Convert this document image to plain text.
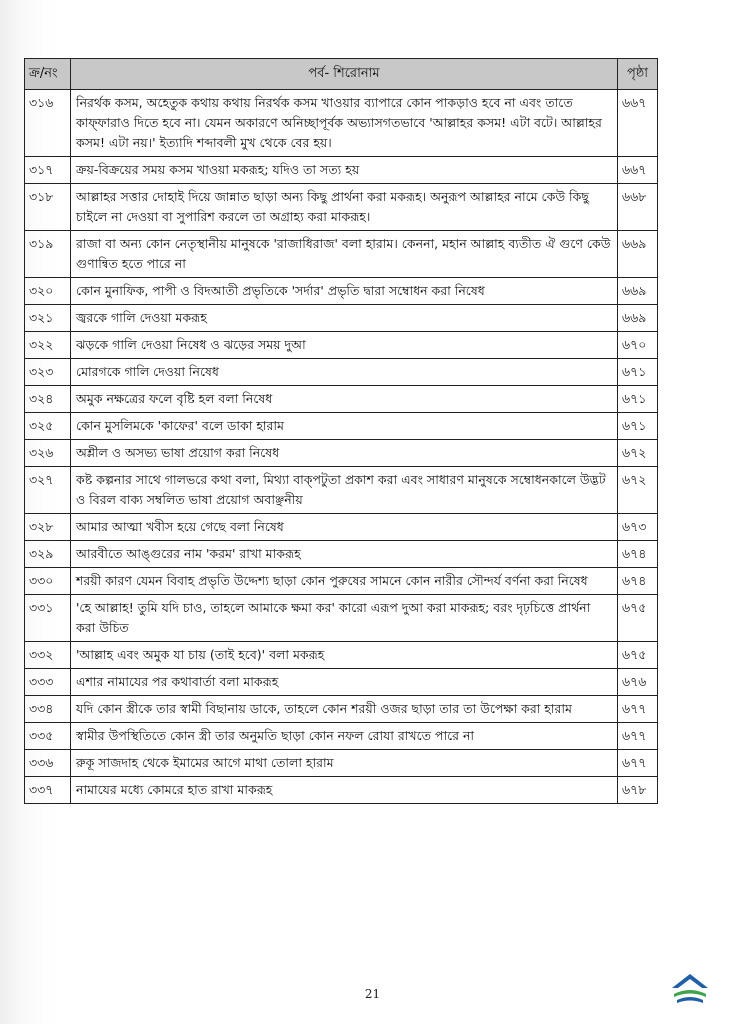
ক্র/নং	পর্ব- শিরোনাম	পৃষ্ঠা
৩১৬	নিরর্থক কসম, অহেতুক কথায় কথায় নিরর্থক কসম খাওয়ার ব্যাপারে কোন পাকড়াও হবে না এবং তাতে কাফ্‌ফারাও দিতে হবে না। যেমন অকারণে অনিচ্ছাপূর্বক অভ্যাসগতভাবে 'আল্লাহর কসম! এটা বটে। আল্লাহর কসম! এটা নয়।' ইত্যাদি শব্দাবলী মুখ থেকে বের হয়।	৬৬৭
৩১৭	ক্রয়-বিক্রয়ের সময় কসম খাওয়া মকরূহ; যদিও তা সত্য হয়	৬৬৭
৩১৮	আল্লাহর সত্তার দোহাই দিয়ে জান্নাত ছাড়া অন্য কিছু প্রার্থনা করা মকরূহ। অনুরূপ আল্লাহর নামে কেউ কিছু চাইলে না দেওয়া বা সুপারিশ করলে তা অগ্রাহ্য করা মাকরূহ।	৬৬৮
৩১৯	রাজা বা অন্য কোন নেতৃস্থানীয় মানুষকে 'রাজাধিরাজ' বলা হারাম। কেননা, মহান আল্লাহ ব্যতীত ঐ গুণে কেউ গুণান্বিত হতে পারে না	৬৬৯
৩২০	কোন মুনাফিক, পাপী ও বিদআতী প্রভৃতিকে 'সর্দার' প্রভৃতি দ্বারা সম্বোধন করা নিষেধ	৬৬৯
৩২১	জ্বরকে গালি দেওয়া মকরূহ	৬৬৯
৩২২	ঝড়কে গালি দেওয়া নিষেধ ও ঝড়ের সময় দুআ	৬৭০
৩২৩	মোরগকে গালি দেওয়া নিষেধ	৬৭১
৩২৪	অমুক নক্ষত্রের ফলে বৃষ্টি হল বলা নিষেধ	৬৭১
৩২৫	কোন মুসলিমকে 'কাফের' বলে ডাকা হারাম	৬৭১
৩২৬	অশ্লীল ও অসভ্য ভাষা প্রয়োগ করা নিষেধ	৬৭২
৩২৭	কষ্ট কল্পনার সাথে গালভরে কথা বলা, মিথ্যা বাক্‌পটুতা প্রকাশ করা এবং সাধারণ মানুষকে সম্বোধনকালে উদ্ভট ও বিরল বাক্য সম্বলিত ভাষা প্রয়োগ অবাঞ্ছনীয়	৬৭২
৩২৮	আমার আত্মা খবীস হয়ে গেছে বলা নিষেধ	৬৭৩
৩২৯	আরবীতে আঙ্গুরের নাম 'করম' রাখা মাকরূহ	৬৭৪
৩৩০	শরয়ী কারণ যেমন বিবাহ প্রভৃতি উদ্দেশ্য ছাড়া কোন পুরুষের সামনে কোন নারীর সৌন্দর্য বর্ণনা করা নিষেধ	৬৭৪
৩৩১	'হে আল্লাহ! তুমি যদি চাও, তাহলে আমাকে ক্ষমা কর' কারো এরূপ দুআ করা মাকরূহ; বরং দৃঢ়চিত্তে প্রার্থনা করা উচিত	৬৭৫
৩৩২	'আল্লাহ এবং অমুক যা চায় (তাই হবে)' বলা মকরূহ	৬৭৫
৩৩৩	এশার নামাযের পর কথাবার্তা বলা মাকরূহ	৬৭৬
৩৩৪	যদি কোন স্ত্রীকে তার স্বামী বিছানায় ডাকে, তাহলে কোন শরয়ী ওজর ছাড়া তার তা উপেক্ষা করা হারাম	৬৭৭
৩৩৫	স্বামীর উপস্থিতিতে কোন স্ত্রী তার অনুমতি ছাড়া কোন নফল রোযা রাখতে পারে না	৬৭৭
৩৩৬	রুকূ সাজদাহ থেকে ইমামের আগে মাথা তোলা হারাম	৬৭৭
৩৩৭	নামাযের মধ্যে কোমরে হাত রাখা মাকরূহ	৬৭৮
21
